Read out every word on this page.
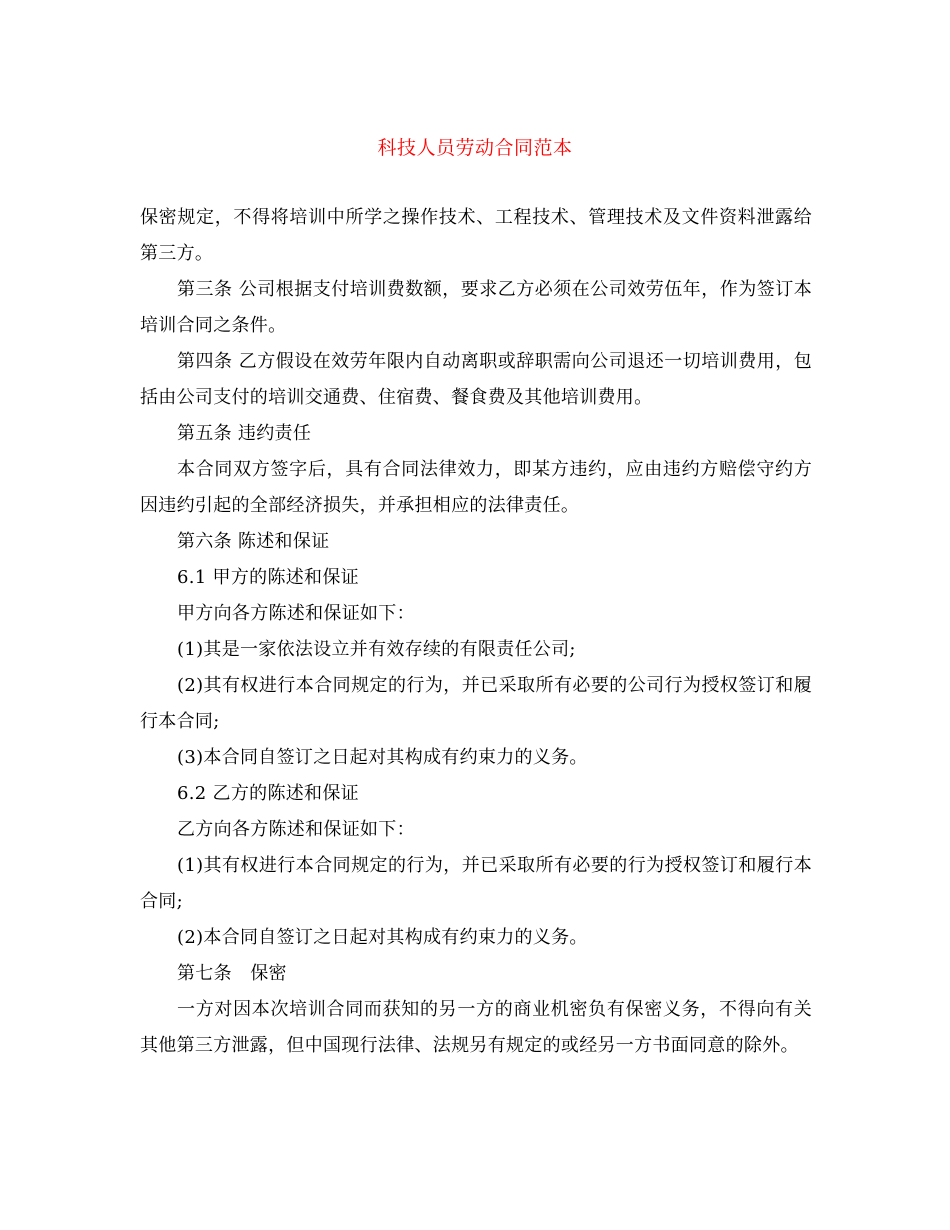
科技人员劳动合同范本

保密规定，不得将培训中所学之操作技术、工程技术、管理技术及文件资料泄露给第三方。

第三条 公司根据支付培训费数额，要求乙方必须在公司效劳伍年，作为签订本培训合同之条件。

第四条 乙方假设在效劳年限内自动离职或辞职需向公司退还一切培训费用，包括由公司支付的培训交通费、住宿费、餐食费及其他培训费用。

第五条 违约责任

本合同双方签字后，具有合同法律效力，即某方违约，应由违约方赔偿守约方因违约引起的全部经济损失，并承担相应的法律责任。

第六条 陈述和保证

6.1 甲方的陈述和保证

甲方向各方陈述和保证如下：

(1)其是一家依法设立并有效存续的有限责任公司;

(2)其有权进行本合同规定的行为，并已采取所有必要的公司行为授权签订和履行本合同;

(3)本合同自签订之日起对其构成有约束力的义务。

6.2 乙方的陈述和保证

乙方向各方陈述和保证如下：

(1)其有权进行本合同规定的行为，并已采取所有必要的行为授权签订和履行本合同;

(2)本合同自签订之日起对其构成有约束力的义务。

第七条　保密

一方对因本次培训合同而获知的另一方的商业机密负有保密义务，不得向有关其他第三方泄露，但中国现行法律、法规另有规定的或经另一方书面同意的除外。
